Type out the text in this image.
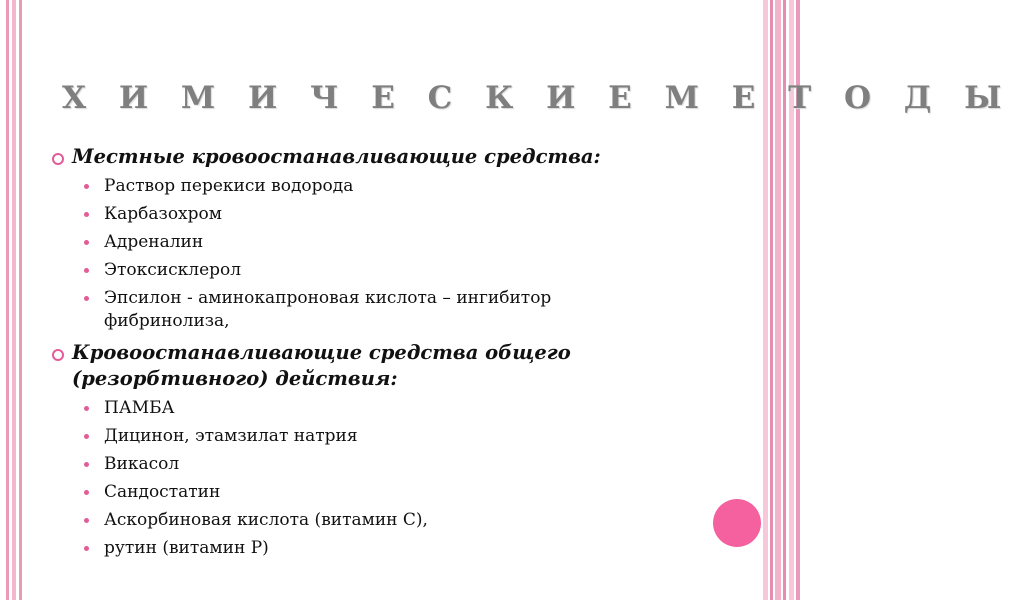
Х И М И Ч Е С К И Е М Е Т О Д Ы
Местные кровоостанавливающие средства:
Раствор перекиси водорода
Карбазохром
Адреналин
Этоксисклерол
Эпсилон - аминокапроновая кислота – ингибитор
фибринолиза,
Кровоостанавливающие средства общего
(резорбтивного) действия:
ПАМБА
Дицинон, этамзилат натрия
Викасол
Сандостатин
Аскорбиновая кислота (витамин С),
рутин (витамин Р)
